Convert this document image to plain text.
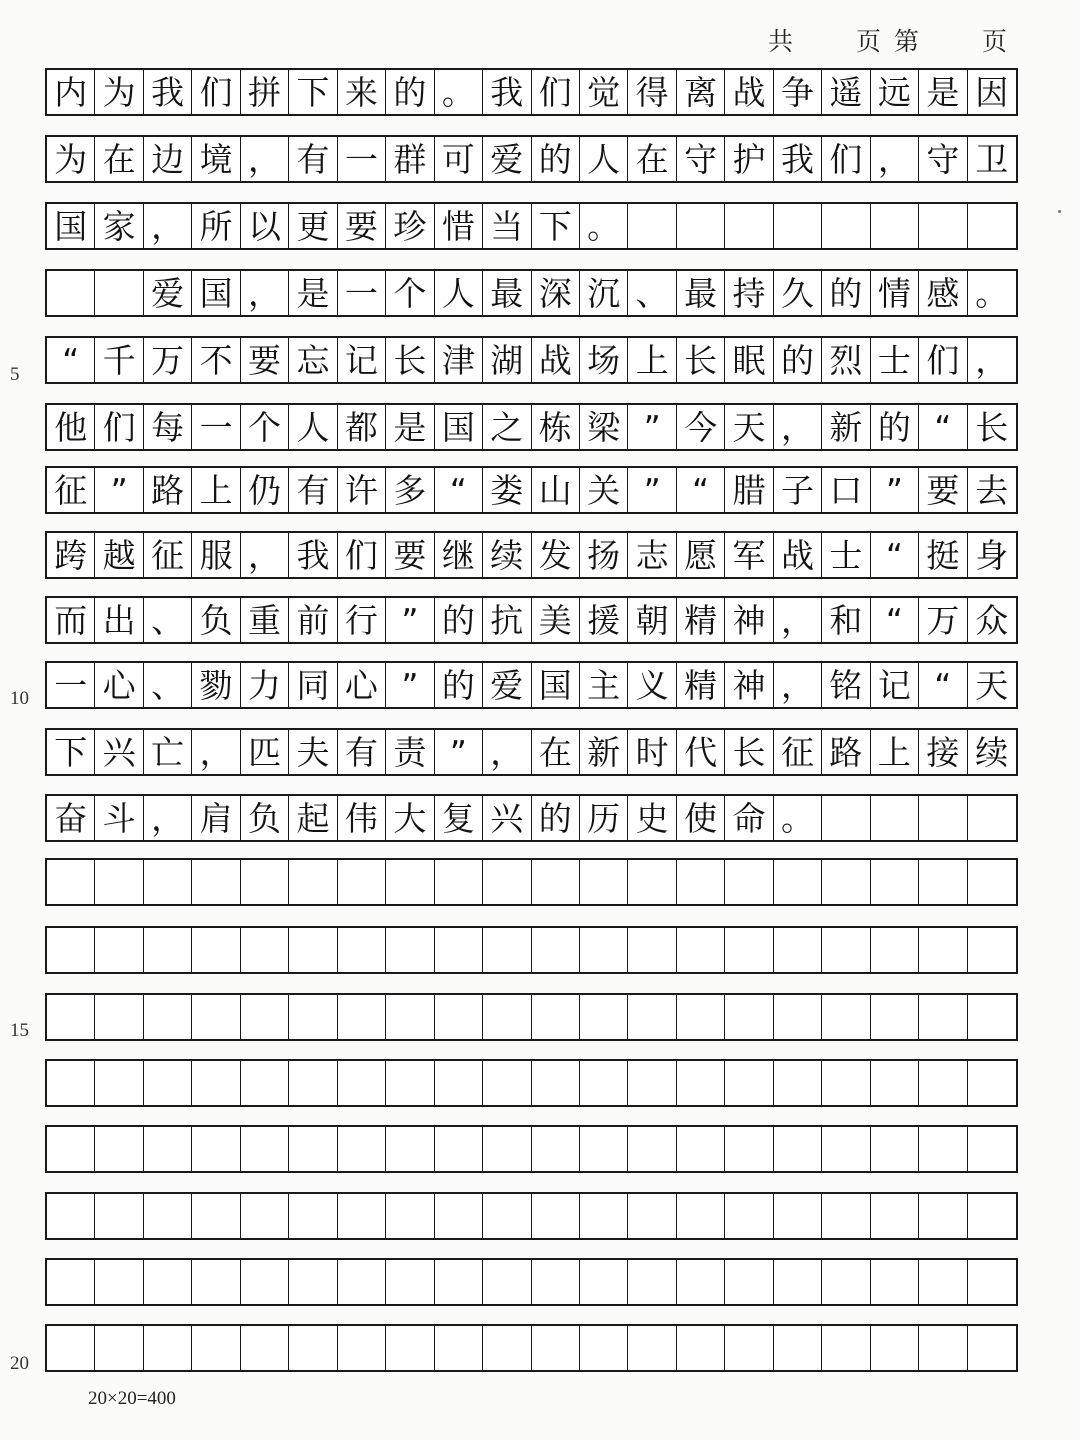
共 页 第 页
内 为 我 们 拼 下 来 的 。 我 们 觉 得 离 战 争 遥 远 是 因
为 在 边 境 ， 有 一 群 可 爱 的 人 在 守 护 我 们 ， 守 卫
国 家 ， 所 以 更 要 珍 惜 当 下 。
爱 国 ， 是 一 个 人 最 深 沉 、 最 持 久 的 情 感 。
“ 千 万 不 要 忘 记 长 津 湖 战 场 上 长 眠 的 烈 士 们 ，
他 们 每 一 个 人 都 是 国 之 栋 梁 ” 今 天 ， 新 的 “ 长
征 ” 路 上 仍 有 许 多 “ 娄 山 关 ” “ 腊 子 口 ” 要 去
跨 越 征 服 ， 我 们 要 继 续 发 扬 志 愿 军 战 士 “ 挺 身
而 出 、 负 重 前 行 ” 的 抗 美 援 朝 精 神 ， 和 “ 万 众
一 心 、 勠 力 同 心 ” 的 爱 国 主 义 精 神 ， 铭 记 “ 天
下 兴 亡 ， 匹 夫 有 责 ” ， 在 新 时 代 长 征 路 上 接 续
奋 斗 ， 肩 负 起 伟 大 复 兴 的 历 史 使 命 。
5
10
15
20
20×20=400
